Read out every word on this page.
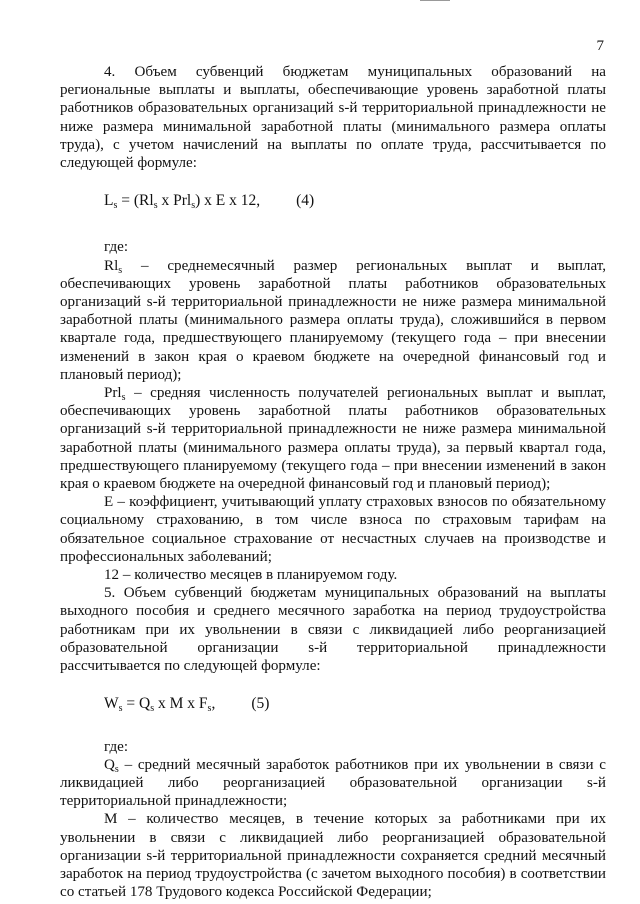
7

4. Объем субвенций бюджетам муниципальных образований на региональные выплаты и выплаты, обеспечивающие уровень заработной платы работников образовательных организаций s-й территориальной принадлежности не ниже размера минимальной заработной платы (минимального размера оплаты труда), с учетом начислений на выплаты по оплате труда, рассчитывается по следующей формуле:

$L_s = (Rl_s$ x Prl$_s$) x E x 12, (4)

где:

$Rl_s$ – среднемесячный размер региональных выплат и выплат, обеспечивающих уровень заработной платы работников образовательных организаций s-й территориальной принадлежности не ниже размера минимальной заработной платы (минимального размера оплаты труда), сложившийся в первом квартале года, предшествующего планируемому (текущего года – при внесении изменений в закон края о краевом бюджете на очередной финансовый год и плановый период);

Prl$_s$ – средняя численность получателей региональных выплат и выплат, обеспечивающих уровень заработной платы работников образовательных организаций s-й территориальной принадлежности не ниже размера минимальной заработной платы (минимального размера оплаты труда), за первый квартал года, предшествующего планируемому (текущего года – при внесении изменений в закон края о краевом бюджете на очередной финансовый год и плановый период);

E – коэффициент, учитывающий уплату страховых взносов по обязательному социальному страхованию, в том числе взноса по страховым тарифам на обязательное социальное страхование от несчастных случаев на производстве и профессиональных заболеваний;

12 – количество месяцев в планируемом году.

5. Объем субвенций бюджетам муниципальных образований на выплаты выходного пособия и среднего месячного заработка на период трудоустройства работникам при их увольнении в связи с ликвидацией либо реорганизацией образовательной организации s-й территориальной принадлежности рассчитывается по следующей формуле:

$W_s = Q_s$ x M x $F_s$, (5)

где:

$Q_s$ – средний месячный заработок работников при их увольнении в связи с ликвидацией либо реорганизацией образовательной организации s-й территориальной принадлежности;

M – количество месяцев, в течение которых за работниками при их увольнении в связи с ликвидацией либо реорганизацией образовательной организации s-й территориальной принадлежности сохраняется средний месячный заработок на период трудоустройства (с зачетом выходного пособия) в соответствии со статьей 178 Трудового кодекса Российской Федерации;
